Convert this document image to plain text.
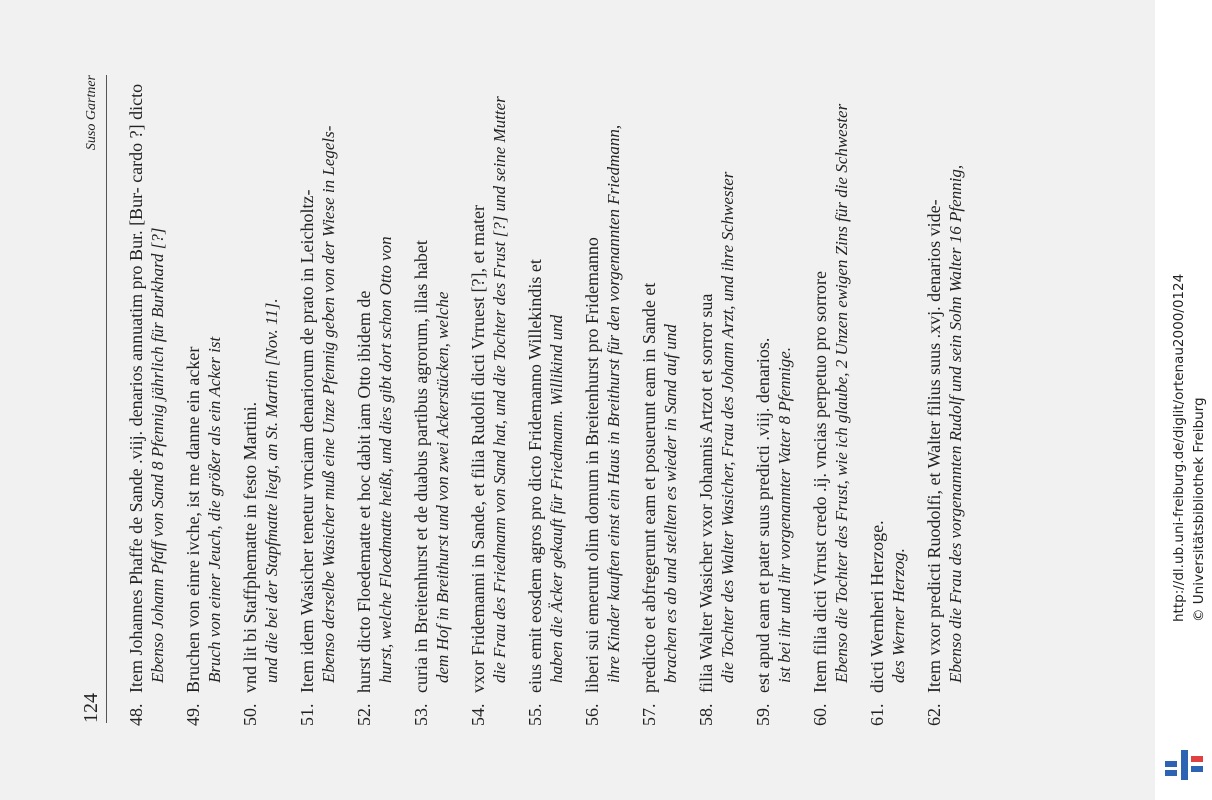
124
Suso Gartner
48.
Item Johannes Phaffe de Sande .viij. denarios annuatim pro Bur. [Bur- cardo ?] dicto Ebenso Johann Pfaff von Sand 8 Pfennig jährlich für Burkhard [?]
49.
Bruchen von einre ivche, ist me danne ein acker Bruch von einer Jeuch, die größer als ein Acker ist
50.
vnd lit bi Staffphematte in festo Martini. und die bei der Stapfmatte liegt, an St. Martin [Nov. 11].
51.
Item idem Wasicher tenetur vnciam denariorum de prato in Leicholtz- Ebenso derselbe Wasicher muß eine Unze Pfennig geben von der Wiese in Legels-
52.
hurst dicto Floedematte et hoc dabit iam Otto ibidem de hurst, welche Floedmatte heißt, und dies gibt dort schon Otto von
53.
curia in Breitenhurst et de duabus partibus agrorum, illas habet dem Hof in Breithurst und von zwei Ackerstücken, welche
54.
vxor Fridemanni in Sande, et filia Rudolfi dicti Vrruest [?], et mater die Frau des Friedmann von Sand hat, und die Tochter des Frust [?] und seine Mutter
55.
eius emit eosdem agros pro dicto Fridemanno Willekindis et haben die Äcker gekauft für Friedmann. Willikind und
56.
liberi sui emerunt olim domum in Breitenhurst pro Fridemanno ihre Kinder kauften einst ein Haus in Breithurst für den vorgenannten Friedmann,
57.
predicto et abfregerunt eam et posuerunt eam in Sande et brachen es ab und stellten es wieder in Sand auf und
58.
filia Walter Wasicher vxor Johannis Artzot et sorror sua die Tochter des Walter Wasicher, Frau des Johann Arzt, und ihre Schwester
59.
est apud eam et pater suus predicti .viij. denarios. ist bei ihr und ihr vorgenannter Vater 8 Pfennige.
60.
Item filia dicti Vrrust credo .ij. vncias perpetuo pro sorrore Ebenso die Tochter des Frust, wie ich glaube, 2 Unzen ewigen Zins für die Schwester
61.
dicti Wernheri Herzoge. des Werner Herzog.
62.
Item vxor predicti Ruodolfi, et Walter filius suus .xvj. denarios vide- Ebenso die Frau des vorgenannten Rudolf und sein Sohn Walter 16 Pfennig,	http://dl.ub.uni-freiburg.de/diglit/ortenau2000/0124 © Universitätsbibliothek Freiburg
